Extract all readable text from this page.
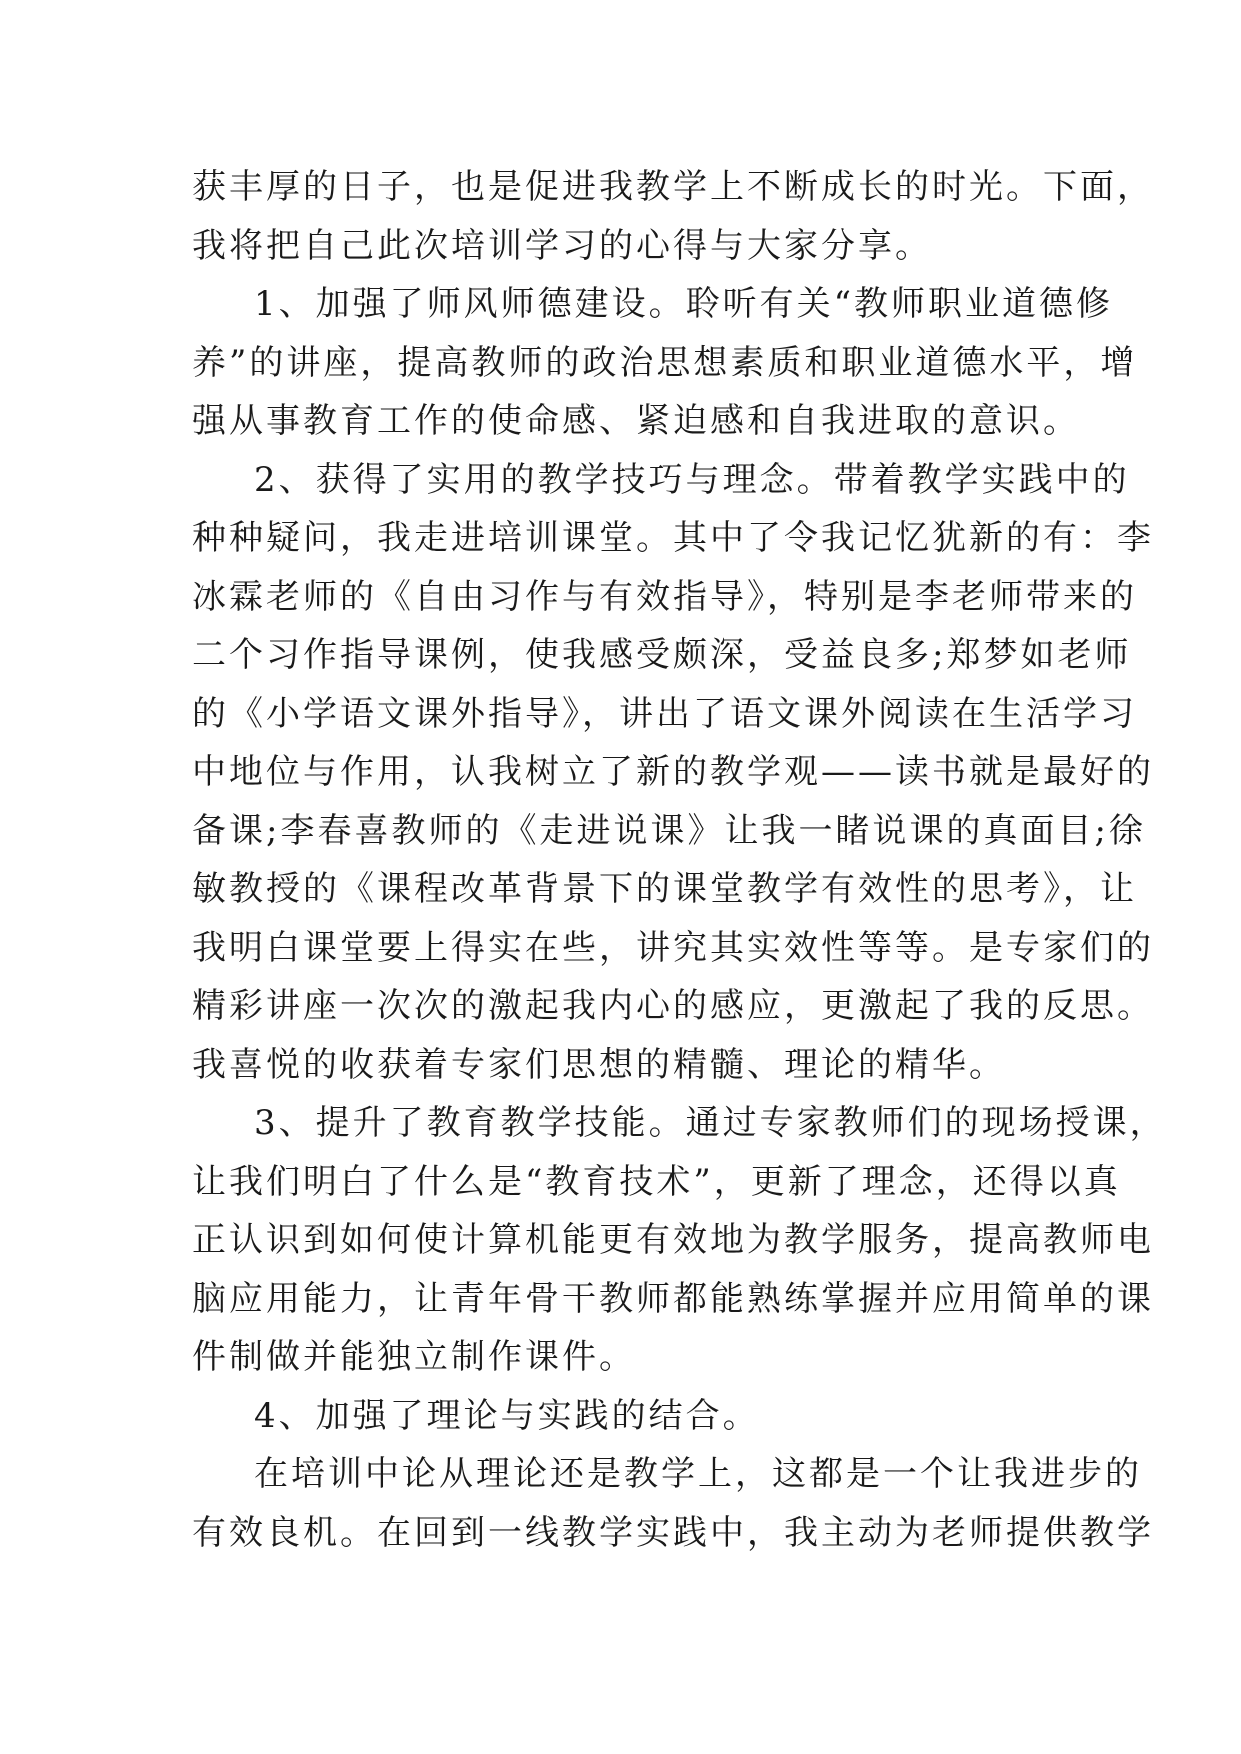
获丰厚的日子，也是促进我教学上不断成长的时光。下面，
我将把自己此次培训学习的心得与大家分享。
1、加强了师风师德建设。聆听有关“教师职业道德修
养”的讲座，提高教师的政治思想素质和职业道德水平，增
强从事教育工作的使命感、紧迫感和自我进取的意识。
2、获得了实用的教学技巧与理念。带着教学实践中的
种种疑问，我走进培训课堂。其中了令我记忆犹新的有：李
冰霖老师的《自由习作与有效指导》，特别是李老师带来的
二个习作指导课例，使我感受颇深，受益良多;郑梦如老师
的《小学语文课外指导》，讲出了语文课外阅读在生活学习
中地位与作用，认我树立了新的教学观——读书就是最好的
备课;李春喜教师的《走进说课》让我一睹说课的真面目;徐
敏教授的《课程改革背景下的课堂教学有效性的思考》，让
我明白课堂要上得实在些，讲究其实效性等等。是专家们的
精彩讲座一次次的激起我内心的感应，更激起了我的反思。
我喜悦的收获着专家们思想的精髓、理论的精华。
3、提升了教育教学技能。通过专家教师们的现场授课，
让我们明白了什么是“教育技术”，更新了理念，还得以真
正认识到如何使计算机能更有效地为教学服务，提高教师电
脑应用能力，让青年骨干教师都能熟练掌握并应用简单的课
件制做并能独立制作课件。
4、加强了理论与实践的结合。
在培训中论从理论还是教学上，这都是一个让我进步的
有效良机。在回到一线教学实践中，我主动为老师提供教学
